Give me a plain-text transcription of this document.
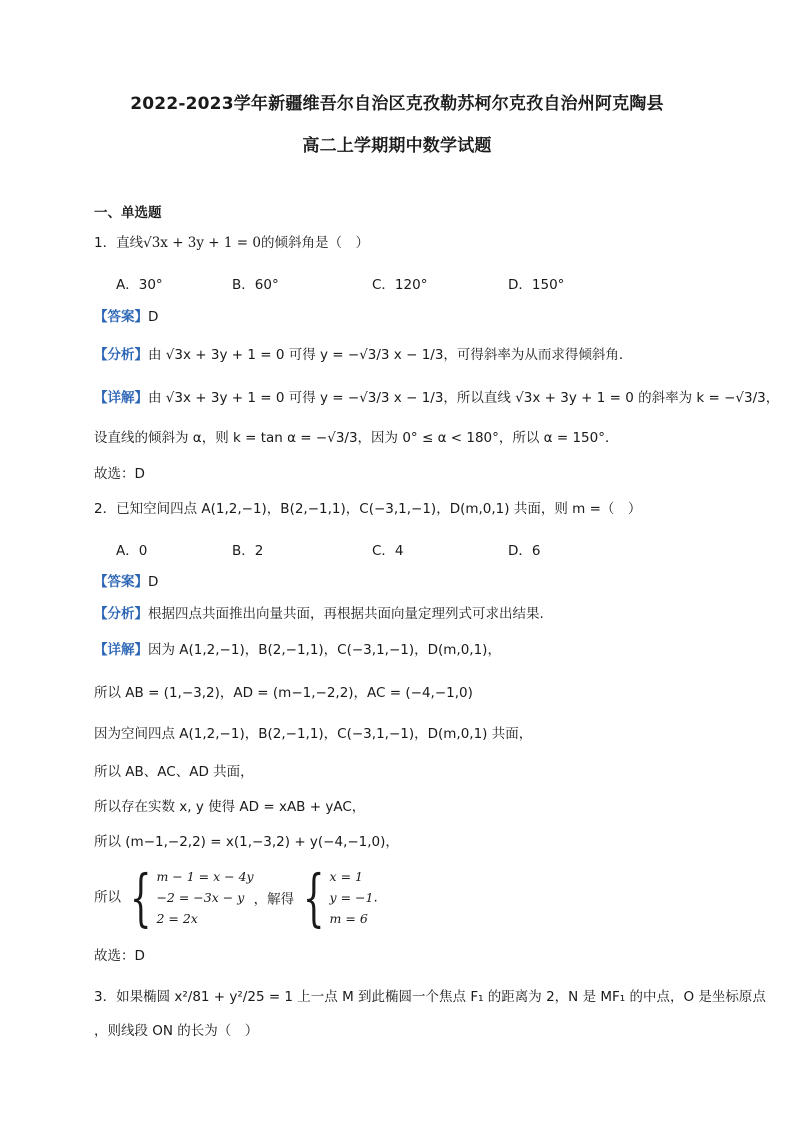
2022-2023学年新疆维吾尔自治区克孜勒苏柯尔克孜自治州阿克陶县
高二上学期期中数学试题
一、单选题
1．直线√3x + 3y + 1 = 0的倾斜角是（　）
A．30°	B．60°	C．120°	D．150°
【答案】D
【分析】由 √3x + 3y + 1 = 0 可得 y = −√3/3 x − 1/3，可得斜率为从而求得倾斜角．
【详解】由 √3x + 3y + 1 = 0 可得 y = −√3/3 x − 1/3，所以直线 √3x + 3y + 1 = 0 的斜率为 k = −√3/3，
设直线的倾斜为 α，则 k = tan α = −√3/3，因为 0° ≤ α < 180°，所以 α = 150°．
故选：D
2．已知空间四点 A(1,2,−1)，B(2,−1,1)，C(−3,1,−1)，D(m,0,1) 共面，则 m =（　）
A．0	B．2	C．4	D．6
【答案】D
【分析】根据四点共面推出向量共面，再根据共面向量定理列式可求出结果.
【详解】因为 A(1,2,−1)，B(2,−1,1)，C(−3,1,−1)，D(m,0,1)，
所以 AB = (1,−3,2)，AD = (m−1,−2,2)，AC = (−4,−1,0)
因为空间四点 A(1,2,−1)，B(2,−1,1)，C(−3,1,−1)，D(m,0,1) 共面，
所以 AB、AC、AD 共面，
所以存在实数 x, y 使得 AD = xAB + yAC，
所以 (m−1,−2,2) = x(1,−3,2) + y(−4,−1,0)，
所以 { m − 1 = x − 4y
−2 = −3x − y
2 = 2x
，解得 { x = 1
y = −1
m = 6
.
故选：D
3．如果椭圆 x²/81 + y²/25 = 1 上一点 M 到此椭圆一个焦点 F₁ 的距离为 2，N 是 MF₁ 的中点，O 是坐标原点
，则线段 ON 的长为（　）
